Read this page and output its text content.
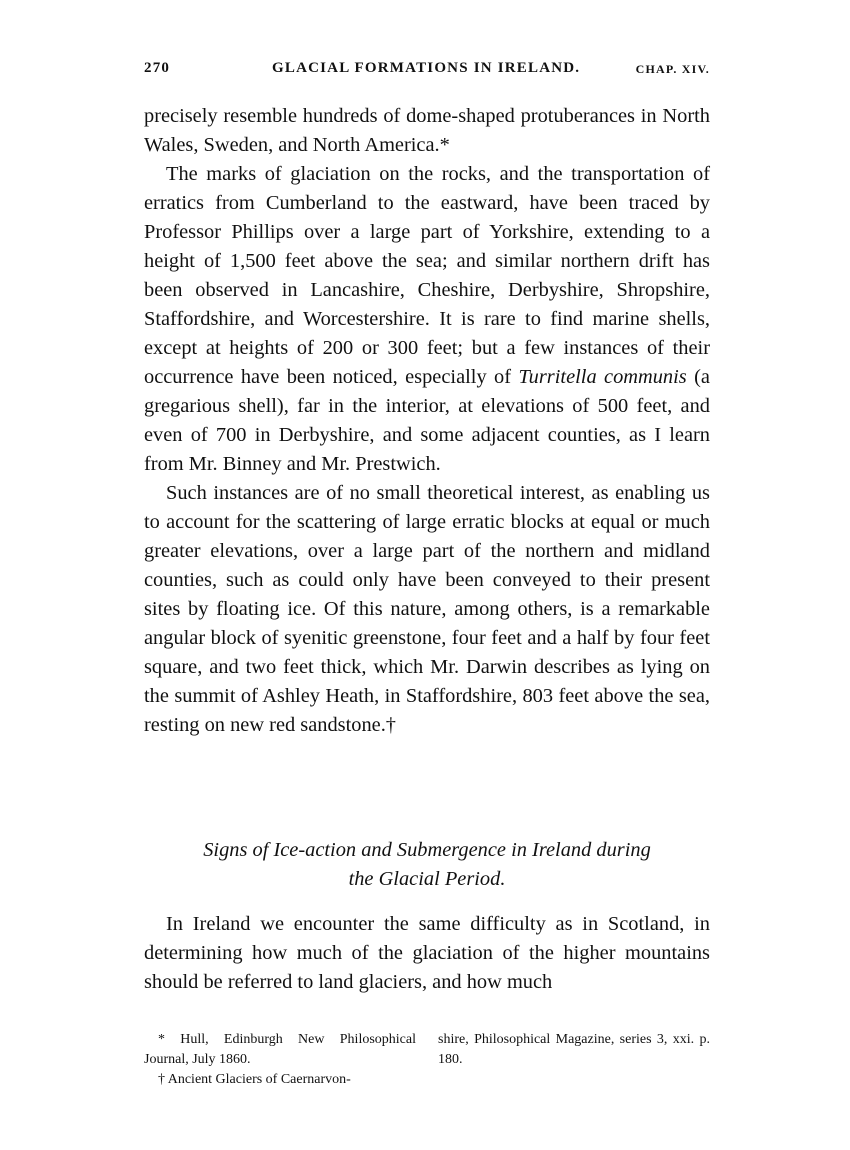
270	GLACIAL FORMATIONS IN IRELAND.	CHAP. XIV.

precisely resemble hundreds of dome-shaped protuberances in North Wales, Sweden, and North America.*

The marks of glaciation on the rocks, and the transportation of erratics from Cumberland to the eastward, have been traced by Professor Phillips over a large part of Yorkshire, extending to a height of 1,500 feet above the sea; and similar northern drift has been observed in Lancashire, Cheshire, Derbyshire, Shropshire, Staffordshire, and Worcestershire. It is rare to find marine shells, except at heights of 200 or 300 feet; but a few instances of their occurrence have been noticed, especially of Turritella communis (a gregarious shell), far in the interior, at elevations of 500 feet, and even of 700 in Derbyshire, and some adjacent counties, as I learn from Mr. Binney and Mr. Prestwich.

Such instances are of no small theoretical interest, as enabling us to account for the scattering of large erratic blocks at equal or much greater elevations, over a large part of the northern and midland counties, such as could only have been conveyed to their present sites by floating ice. Of this nature, among others, is a remarkable angular block of syenitic greenstone, four feet and a half by four feet square, and two feet thick, which Mr. Darwin describes as lying on the summit of Ashley Heath, in Staffordshire, 803 feet above the sea, resting on new red sandstone.†

Signs of Ice-action and Submergence in Ireland during
the Glacial Period.

In Ireland we encounter the same difficulty as in Scotland, in determining how much of the glaciation of the higher mountains should be referred to land glaciers, and how much

* Hull, Edinburgh New Philosophical Journal, July 1860.

† Ancient Glaciers of Caernarvon-

shire, Philosophical Magazine, series 3, xxi. p. 180.
